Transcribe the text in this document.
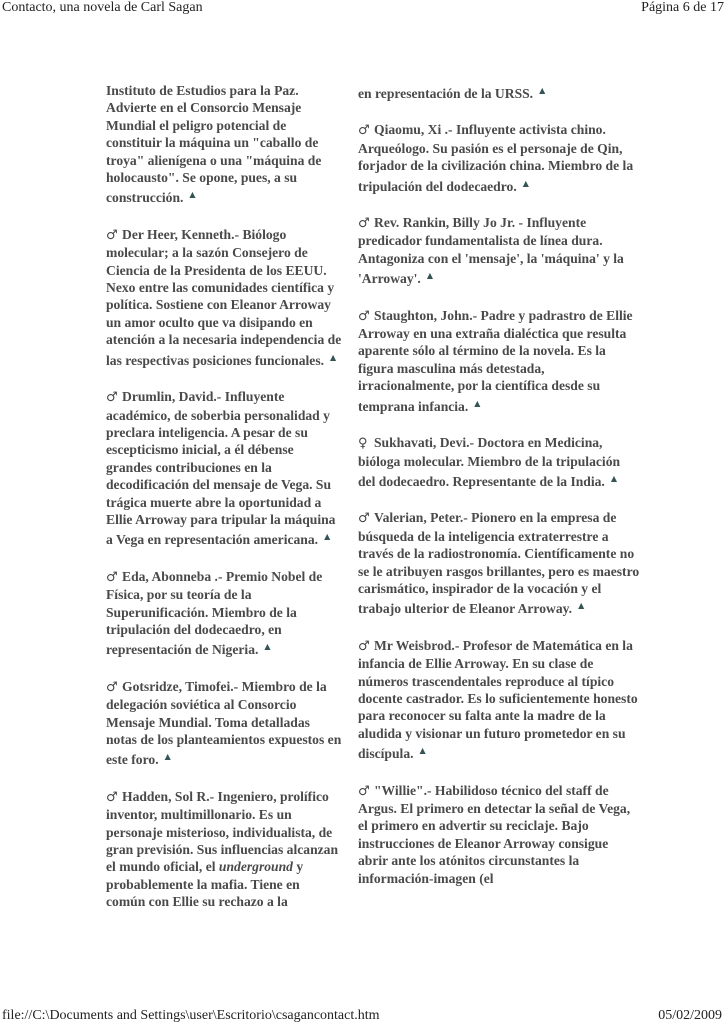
Contacto, una novela de Carl Sagan	Página 6 de 17

Instituto de Estudios para la Paz. Advierte en el Consorcio Mensaje Mundial el peligro potencial de constituir la máquina un "caballo de troya" alienígena o una "máquina de holocausto". Se opone, pues, a su construcción. ▲

♂ Der Heer, Kenneth.- Biólogo molecular; a la sazón Consejero de Ciencia de la Presidenta de los EEUU. Nexo entre las comunidades científica y política. Sostiene con Eleanor Arroway un amor oculto que va disipando en atención a la necesaria independencia de las respectivas posiciones funcionales. ▲

♂ Drumlin, David.- Influyente académico, de soberbia personalidad y preclara inteligencia. A pesar de su escepticismo inicial, a él débense grandes contribuciones en la decodificación del mensaje de Vega. Su trágica muerte abre la oportunidad a Ellie Arroway para tripular la máquina a Vega en representación americana. ▲

♂ Eda, Abonneba .- Premio Nobel de Física, por su teoría de la Superunificación. Miembro de la tripulación del dodecaedro, en representación de Nigeria. ▲

♂ Gotsridze, Timofei.- Miembro de la delegación soviética al Consorcio Mensaje Mundial. Toma detalladas notas de los planteamientos expuestos en este foro. ▲

♂ Hadden, Sol R.- Ingeniero, prolífico inventor, multimillonario. Es un personaje misterioso, individualista, de gran previsión. Sus influencias alcanzan el mundo oficial, el underground y probablemente la mafia. Tiene en común con Ellie su rechazo a la

en representación de la URSS. ▲

♂ Qiaomu, Xi .- Influyente activista chino. Arqueólogo. Su pasión es el personaje de Qin, forjador de la civilización china. Miembro de la tripulación del dodecaedro. ▲

♂ Rev. Rankin, Billy Jo Jr. - Influyente predicador fundamentalista de línea dura. Antagoniza con el 'mensaje', la 'máquina' y la 'Arroway'. ▲

♂ Staughton, John.- Padre y padrastro de Ellie Arroway en una extraña dialéctica que resulta aparente sólo al término de la novela. Es la figura masculina más detestada, irracionalmente, por la científica desde su temprana infancia. ▲

♀ Sukhavati, Devi.- Doctora en Medicina, bióloga molecular. Miembro de la tripulación del dodecaedro. Representante de la India. ▲

♂ Valerian, Peter.- Pionero en la empresa de búsqueda de la inteligencia extraterrestre a través de la radiostronomía. Científicamente no se le atribuyen rasgos brillantes, pero es maestro carismático, inspirador de la vocación y el trabajo ulterior de Eleanor Arroway. ▲

♂ Mr Weisbrod.- Profesor de Matemática en la infancia de Ellie Arroway. En su clase de números trascendentales reproduce al típico docente castrador. Es lo suficientemente honesto para reconocer su falta ante la madre de la aludida y visionar un futuro prometedor en su discípula. ▲

♂ "Willie".- Habilidoso técnico del staff de Argus. El primero en detectar la señal de Vega, el primero en advertir su reciclaje. Bajo instrucciones de Eleanor Arroway consigue abrir ante los atónitos circunstantes la información-imagen (el

file://C:\Documents and Settings\user\Escritorio\csagancontact.htm	05/02/2009
